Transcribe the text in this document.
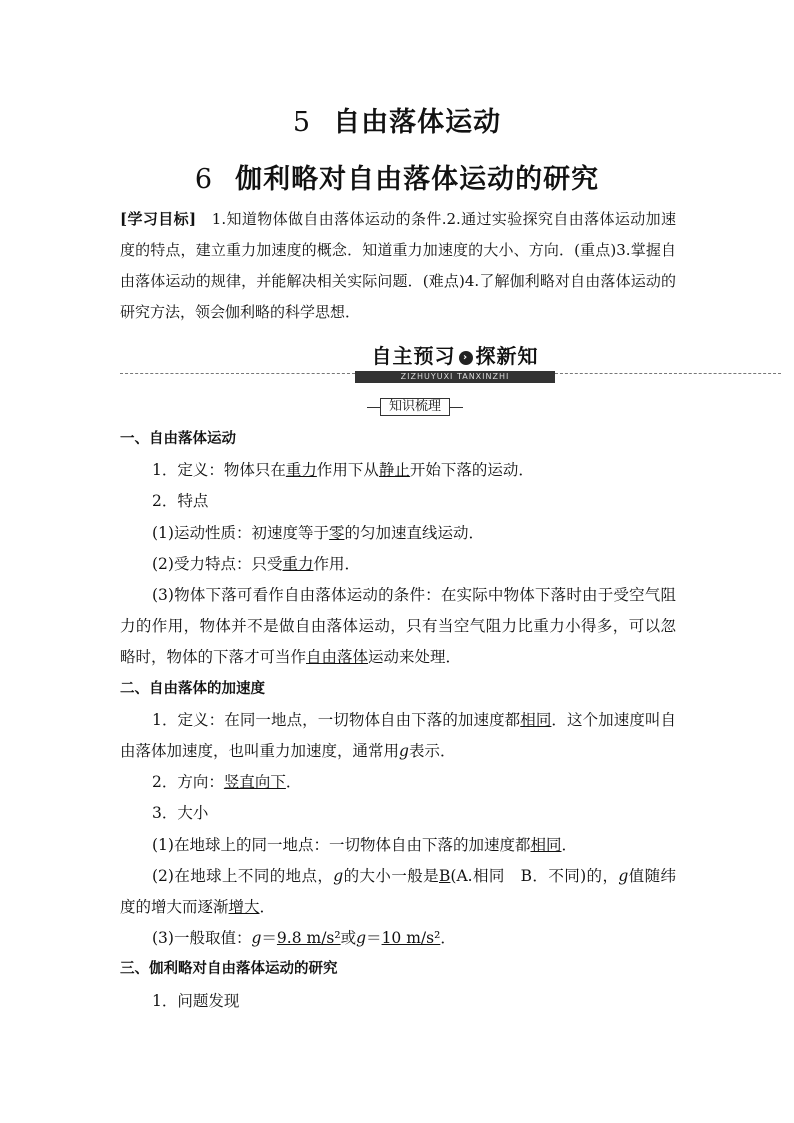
5 自由落体运动
6 伽利略对自由落体运动的研究
[学习目标]　1.知道物体做自由落体运动的条件.2.通过实验探究自由落体运动加速度的特点，建立重力加速度的概念．知道重力加速度的大小、方向．(重点)3.掌握自由落体运动的规律，并能解决相关实际问题．(难点)4.了解伽利略对自由落体运动的研究方法，领会伽利略的科学思想．
自主预习 › 探新知
ZIZHUYUXI TANXINZHI
知识梳理

一、自由落体运动

1．定义：物体只在重力作用下从静止开始下落的运动．

2．特点

(1)运动性质：初速度等于零的匀加速直线运动．

(2)受力特点：只受重力作用．

(3)物体下落可看作自由落体运动的条件：在实际中物体下落时由于受空气阻力的作用，物体并不是做自由落体运动，只有当空气阻力比重力小得多，可以忽略时，物体的下落才可当作自由落体运动来处理．

二、自由落体的加速度

1．定义：在同一地点，一切物体自由下落的加速度都相同．这个加速度叫自由落体加速度，也叫重力加速度，通常用g表示．

2．方向：竖直向下．

3．大小

(1)在地球上的同一地点：一切物体自由下落的加速度都相同．

(2)在地球上不同的地点，g的大小一般是B(A.相同　B．不同)的，g值随纬度的增大而逐渐增大．

(3)一般取值：g＝9.8 m/s²或g＝10 m/s²．

三、伽利略对自由落体运动的研究

1．问题发现
